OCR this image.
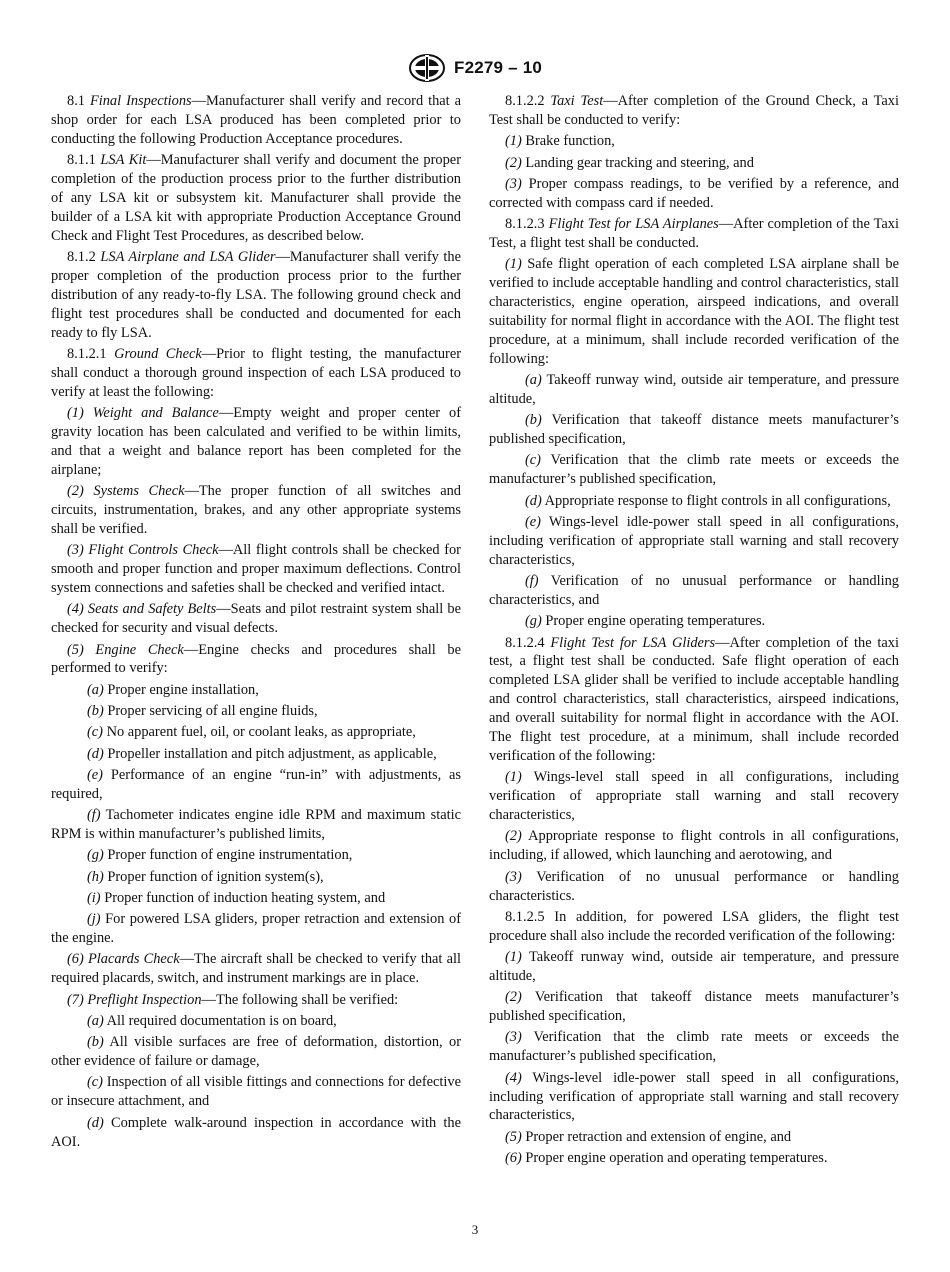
F2279 – 10

8.1 Final Inspections—Manufacturer shall verify and record that a shop order for each LSA produced has been completed prior to conducting the following Production Acceptance procedures.

8.1.1 LSA Kit—Manufacturer shall verify and document the proper completion of the production process prior to the further distribution of any LSA kit or subsystem kit. Manufacturer shall provide the builder of a LSA kit with appropriate Production Acceptance Ground Check and Flight Test Procedures, as described below.

8.1.2 LSA Airplane and LSA Glider—Manufacturer shall verify the proper completion of the production process prior to the further distribution of any ready-to-fly LSA. The following ground check and flight test procedures shall be conducted and documented for each ready to fly LSA.

8.1.2.1 Ground Check—Prior to flight testing, the manufacturer shall conduct a thorough ground inspection of each LSA produced to verify at least the following:

(1) Weight and Balance—Empty weight and proper center of gravity location has been calculated and verified to be within limits, and that a weight and balance report has been completed for the airplane;

(2) Systems Check—The proper function of all switches and circuits, instrumentation, brakes, and any other appropriate systems shall be verified.

(3) Flight Controls Check—All flight controls shall be checked for smooth and proper function and proper maximum deflections. Control system connections and safeties shall be checked and verified intact.

(4) Seats and Safety Belts—Seats and pilot restraint system shall be checked for security and visual defects.

(5) Engine Check—Engine checks and procedures shall be performed to verify:

(a) Proper engine installation,

(b) Proper servicing of all engine fluids,

(c) No apparent fuel, oil, or coolant leaks, as appropriate,

(d) Propeller installation and pitch adjustment, as applicable,

(e) Performance of an engine “run-in” with adjustments, as required,

(f) Tachometer indicates engine idle RPM and maximum static RPM is within manufacturer’s published limits,

(g) Proper function of engine instrumentation,

(h) Proper function of ignition system(s),

(i) Proper function of induction heating system, and

(j) For powered LSA gliders, proper retraction and extension of the engine.

(6) Placards Check—The aircraft shall be checked to verify that all required placards, switch, and instrument markings are in place.

(7) Preflight Inspection—The following shall be verified:

(a) All required documentation is on board,

(b) All visible surfaces are free of deformation, distortion, or other evidence of failure or damage,

(c) Inspection of all visible fittings and connections for defective or insecure attachment, and

(d) Complete walk-around inspection in accordance with the AOI.

8.1.2.2 Taxi Test—After completion of the Ground Check, a Taxi Test shall be conducted to verify:

(1) Brake function,

(2) Landing gear tracking and steering, and

(3) Proper compass readings, to be verified by a reference, and corrected with compass card if needed.

8.1.2.3 Flight Test for LSA Airplanes—After completion of the Taxi Test, a flight test shall be conducted.

(1) Safe flight operation of each completed LSA airplane shall be verified to include acceptable handling and control characteristics, stall characteristics, engine operation, airspeed indications, and overall suitability for normal flight in accordance with the AOI. The flight test procedure, at a minimum, shall include recorded verification of the following:

(a) Takeoff runway wind, outside air temperature, and pressure altitude,

(b) Verification that takeoff distance meets manufacturer’s published specification,

(c) Verification that the climb rate meets or exceeds the manufacturer’s published specification,

(d) Appropriate response to flight controls in all configurations,

(e) Wings-level idle-power stall speed in all configurations, including verification of appropriate stall warning and stall recovery characteristics,

(f) Verification of no unusual performance or handling characteristics, and

(g) Proper engine operating temperatures.

8.1.2.4 Flight Test for LSA Gliders—After completion of the taxi test, a flight test shall be conducted. Safe flight operation of each completed LSA glider shall be verified to include acceptable handling and control characteristics, stall characteristics, airspeed indications, and overall suitability for normal flight in accordance with the AOI. The flight test procedure, at a minimum, shall include recorded verification of the following:

(1) Wings-level stall speed in all configurations, including verification of appropriate stall warning and stall recovery characteristics,

(2) Appropriate response to flight controls in all configurations, including, if allowed, which launching and aerotowing, and

(3) Verification of no unusual performance or handling characteristics.

8.1.2.5 In addition, for powered LSA gliders, the flight test procedure shall also include the recorded verification of the following:

(1) Takeoff runway wind, outside air temperature, and pressure altitude,

(2) Verification that takeoff distance meets manufacturer’s published specification,

(3) Verification that the climb rate meets or exceeds the manufacturer’s published specification,

(4) Wings-level idle-power stall speed in all configurations, including verification of appropriate stall warning and stall recovery characteristics,

(5) Proper retraction and extension of engine, and

(6) Proper engine operation and operating temperatures.

3
